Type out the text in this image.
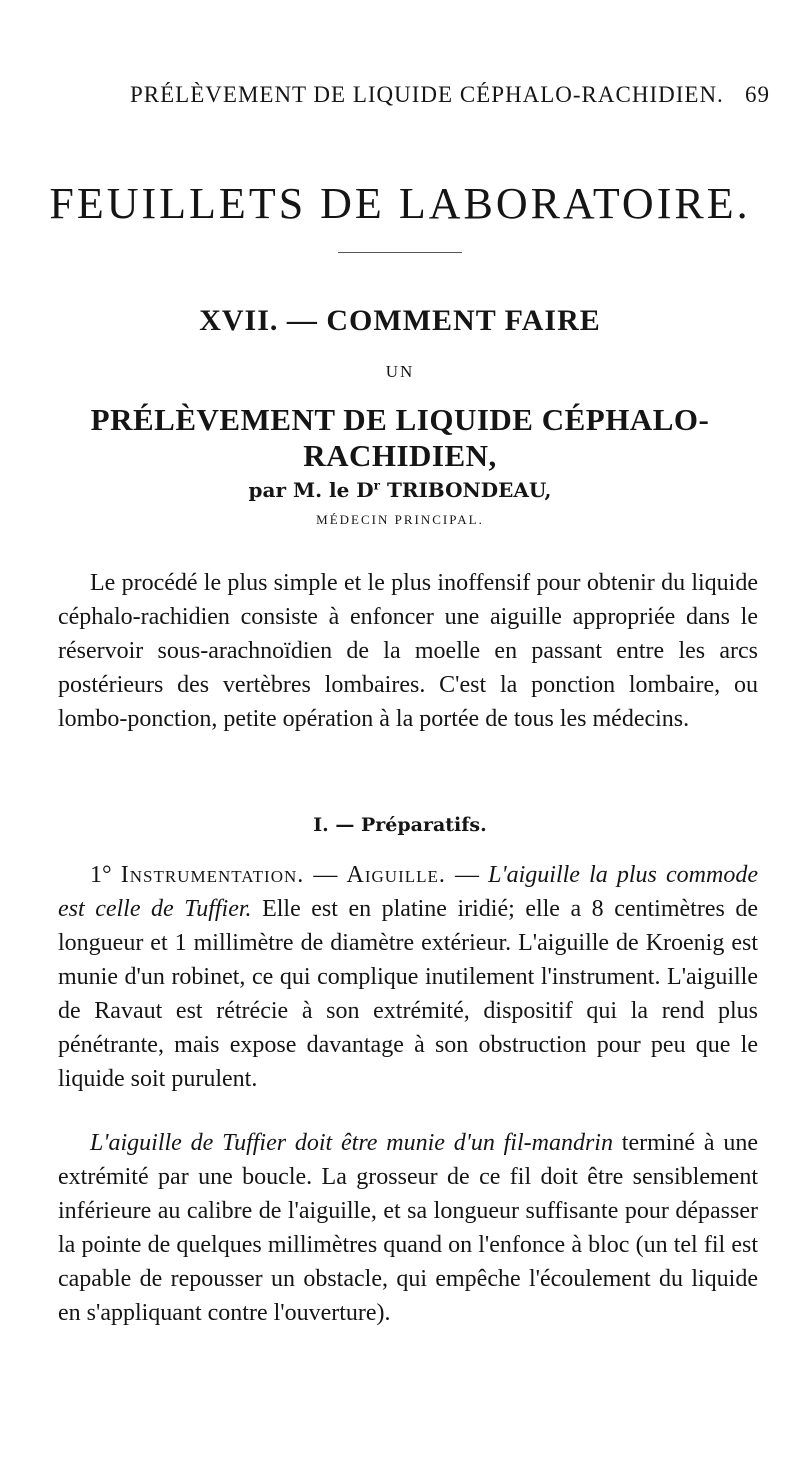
PRÉLÈVEMENT DE LIQUIDE CÉPHALO-RACHIDIEN. 69
FEUILLETS DE LABORATOIRE.
XVII. — COMMENT FAIRE
UN
PRÉLÈVEMENT DE LIQUIDE CÉPHALO-RACHIDIEN,
par M. le $D^r$ TRIBONDEAU,
MÉDECIN PRINCIPAL.

Le procédé le plus simple et le plus inoffensif pour obtenir du liquide céphalo-rachidien consiste à enfoncer une aiguille appropriée dans le réservoir sous-arachnoïdien de la moelle en passant entre les arcs postérieurs des vertèbres lombaires. C'est la ponction lombaire, ou lombo-ponction, petite opération à la portée de tous les médecins.

I. — Préparatifs.

1° Instrumentation. — Aiguille. — L'aiguille la plus commode est celle de Tuffier. Elle est en platine iridié; elle a 8 centimètres de longueur et 1 millimètre de diamètre extérieur. L'aiguille de Kroenig est munie d'un robinet, ce qui complique inutilement l'instrument. L'aiguille de Ravaut est rétrécie à son extrémité, dispositif qui la rend plus pénétrante, mais expose davantage à son obstruction pour peu que le liquide soit purulent.

L'aiguille de Tuffier doit être munie d'un fil-mandrin terminé à une extrémité par une boucle. La grosseur de ce fil doit être sensiblement inférieure au calibre de l'aiguille, et sa longueur suffisante pour dépasser la pointe de quelques millimètres quand on l'enfonce à bloc (un tel fil est capable de repousser un obstacle, qui empêche l'écoulement du liquide en s'appliquant contre l'ouverture).
